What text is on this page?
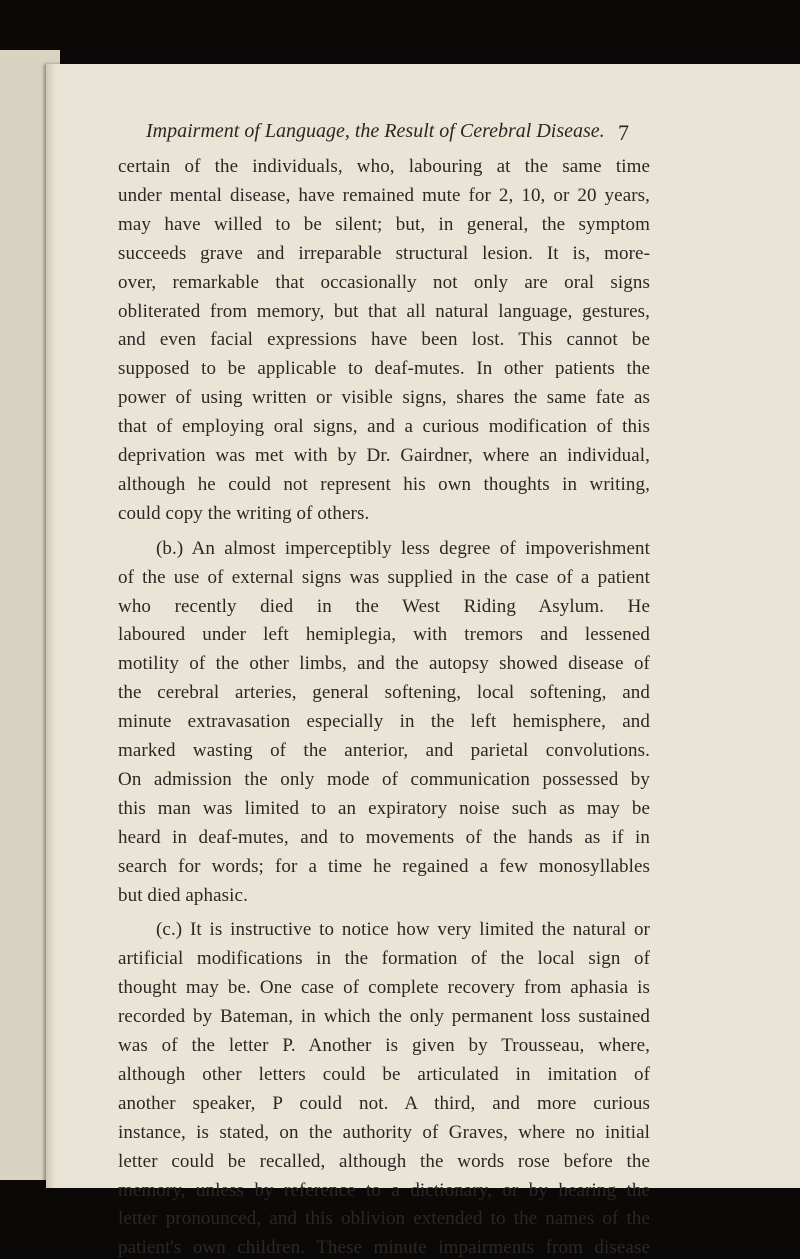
Impairment of Language, the Result of Cerebral Disease. 7
certain of the individuals, who, labouring at the same time
under mental disease, have remained mute for 2, 10, or 20 years,
may have willed to be silent; but, in general, the symptom
succeeds grave and irreparable structural lesion. It is, more-
over, remarkable that occasionally not only are oral signs
obliterated from memory, but that all natural language, gestures,
and even facial expressions have been lost. This cannot be
supposed to be applicable to deaf-mutes. In other patients the
power of using written or visible signs, shares the same fate as
that of employing oral signs, and a curious modification of this
deprivation was met with by Dr. Gairdner, where an individual,
although he could not represent his own thoughts in writing,
could copy the writing of others.
(b.) An almost imperceptibly less degree of impoverishment
of the use of external signs was supplied in the case of a patient
who recently died in the West Riding Asylum. He
laboured under left hemiplegia, with tremors and lessened
motility of the other limbs, and the autopsy showed disease of
the cerebral arteries, general softening, local softening, and
minute extravasation especially in the left hemisphere, and
marked wasting of the anterior, and parietal convolutions.
On admission the only mode of communication possessed by
this man was limited to an expiratory noise such as may be
heard in deaf-mutes, and to movements of the hands as if in
search for words; for a time he regained a few monosyllables
but died aphasic.
(c.) It is instructive to notice how very limited the natural or
artificial modifications in the formation of the local sign of
thought may be. One case of complete recovery from aphasia is
recorded by Bateman, in which the only permanent loss sustained
was of the letter P. Another is given by Trousseau, where,
although other letters could be articulated in imitation of
another speaker, P could not. A third, and more curious
instance, is stated, on the authority of Graves, where no initial
letter could be recalled, although the words rose before the
memory, unless by reference to a dictionary, or by hearing the
letter pronounced, and this oblivion extended to the names of the
patient's own children. These minute impairments from disease
